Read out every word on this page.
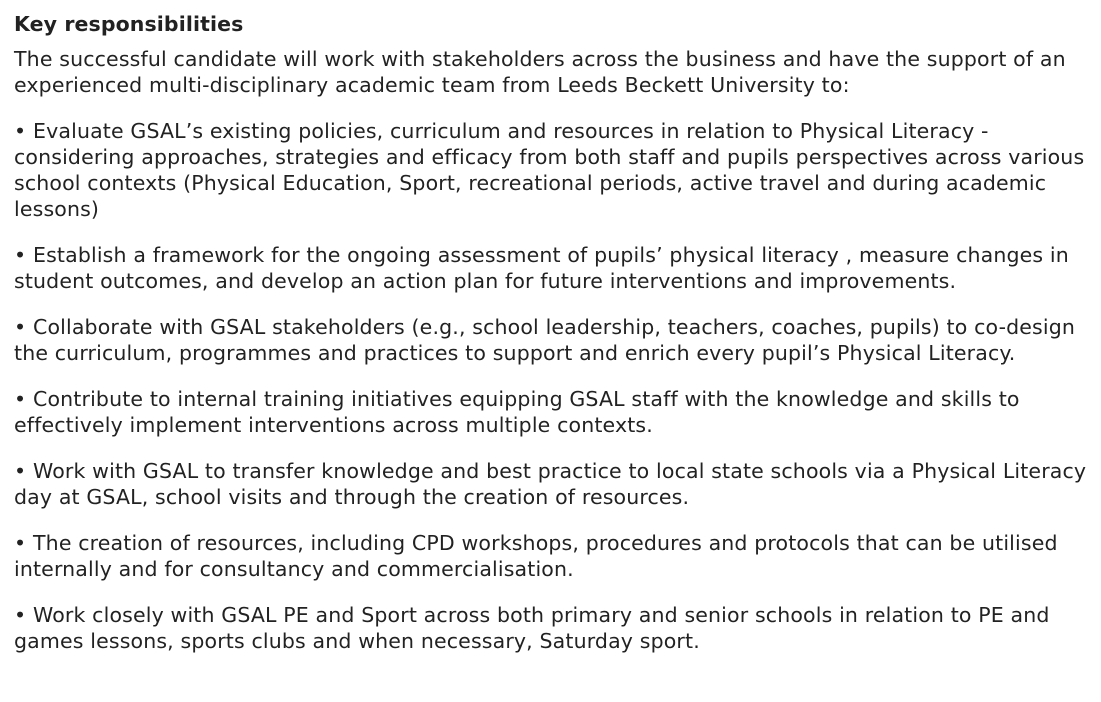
Key responsibilities
The successful candidate will work with stakeholders across the business and have the support of an experienced multi-disciplinary academic team from Leeds Beckett University to:
• Evaluate GSAL’s existing policies, curriculum and resources in relation to Physical Literacy - considering approaches, strategies and efficacy from both staff and pupils perspectives across various school contexts (Physical Education, Sport, recreational periods, active travel and during academic lessons)
• Establish a framework for the ongoing assessment of pupils’ physical literacy , measure changes in student outcomes, and develop an action plan for future interventions and improvements.
• Collaborate with GSAL stakeholders (e.g., school leadership, teachers, coaches, pupils) to co-design the curriculum, programmes and practices to support and enrich every pupil’s Physical Literacy.
• Contribute to internal training initiatives equipping GSAL staff with the knowledge and skills to effectively implement interventions across multiple contexts.
• Work with GSAL to transfer knowledge and best practice to local state schools via a Physical Literacy day at GSAL, school visits and through the creation of resources.
• The creation of resources, including CPD workshops, procedures and protocols that can be utilised internally and for consultancy and commercialisation.
• Work closely with GSAL PE and Sport across both primary and senior schools in relation to PE and games lessons, sports clubs and when necessary, Saturday sport.
